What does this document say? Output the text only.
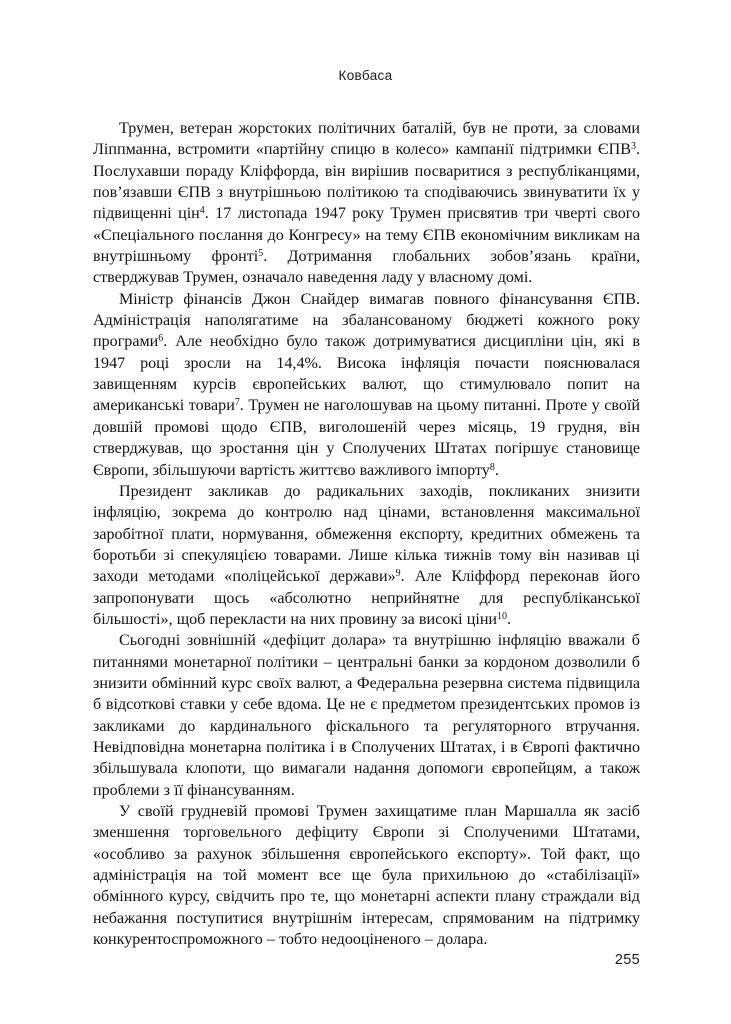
Ковбаса

Трумен, ветеран жорстоких політичних баталій, був не проти, за словами Ліппманна, встромити «партійну спицю в колесо» кампанії підтримки ЄПВ$^3$. Послухавши пораду Кліффорда, він вирішив посваритися з республіканцями, пов’язавши ЄПВ з внутрішньою політикою та сподіваючись звинуватити їх у підвищенні цін$^4$. 17 листопада 1947 року Трумен присвятив три чверті свого «Спеціального послання до Конгресу» на тему ЄПВ економічним викликам на внутрішньому фронті$^5$. Дотримання глобальних зобов’язань країни, стверджував Трумен, означало наведення ладу у власному домі.

Міністр фінансів Джон Снайдер вимагав повного фінансування ЄПВ. Адміністрація наполягатиме на збалансованому бюджеті кожного року програми$^6$. Але необхідно було також дотримуватися дисципліни цін, які в 1947 році зросли на 14,4%. Висока інфляція почасти пояснювалася завищенням курсів європейських валют, що стимулювало попит на американські товари$^7$. Трумен не наголошував на цьому питанні. Проте у своїй довшій промові щодо ЄПВ, виголошеній через місяць, 19 грудня, він стверджував, що зростання цін у Сполучених Штатах погіршує становище Європи, збільшуючи вартість життєво важливого імпорту$^8$.

Президент закликав до радикальних заходів, покликаних знизити інфляцію, зокрема до контролю над цінами, встановлення максимальної заробітної плати, нормування, обмеження експорту, кредитних обмежень та боротьби зі спекуляцією товарами. Лише кілька тижнів тому він називав ці заходи методами «поліцейської держави»$^9$. Але Кліффорд переконав його запропонувати щось «абсолютно неприйнятне для республіканської більшості», щоб перекласти на них провину за високі ціни$^{10}$.

Сьогодні зовнішній «дефіцит долара» та внутрішню інфляцію вважали б питаннями монетарної політики – центральні банки за кордоном дозволили б знизити обмінний курс своїх валют, а Федеральна резервна система підвищила б відсоткові ставки у себе вдома. Це не є предметом президентських промов із закликами до кардинального фіскального та регуляторного втручання. Невідповідна монетарна політика і в Сполучених Штатах, і в Європі фактично збільшувала клопоти, що вимагали надання допомоги європейцям, а також проблеми з її фінансуванням.

У своїй грудневій промові Трумен захищатиме план Маршалла як засіб зменшення торговельного дефіциту Європи зі Сполученими Штатами, «особливо за рахунок збільшення європейського експорту». Той факт, що адміністрація на той момент все ще була прихильною до «стабілізації» обмінного курсу, свідчить про те, що монетарні аспекти плану страждали від небажання поступитися внутрішнім інтересам, спрямованим на підтримку конкурентоспроможного – тобто недооціненого – долара.

255
